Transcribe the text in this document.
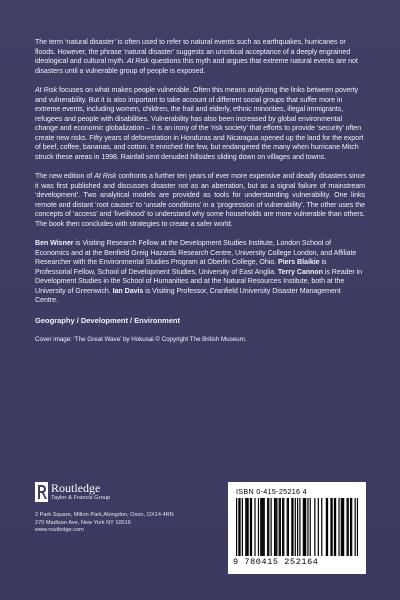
The term ‘natural disaster’ is often used to refer to natural events such as earthquakes, hurricanes or floods. However, the phrase ‘natural disaster’ suggests an uncritical acceptance of a deeply engrained ideological and cultural myth. At Risk questions this myth and argues that extreme natural events are not disasters until a vulnerable group of people is exposed.

At Risk focuses on what makes people vulnerable. Often this means analyzing the links between poverty and vulnerability. But it is also important to take account of different social groups that suffer more in extreme events, including women, children, the frail and elderly, ethnic minorities, illegal immigrants, refugees and people with disabilities. Vulnerability has also been increased by global environmental change and economic globalization – it is an irony of the ‘risk society’ that efforts to provide ‘security’ often create new risks. Fifty years of deforestation in Honduras and Nicaragua opened up the land for the export of beef, coffee, bananas, and cotton. It enriched the few, but endangered the many when hurricane Mitch struck these areas in 1998. Rainfall sent denuded hillsides sliding down on villages and towns.

The new edition of At Risk confronts a further ten years of ever more expensive and deadly disasters since it was first published and discusses disaster not as an aberration, but as a signal failure of mainstream ‘development’. Two analytical models are provided as tools for understanding vulnerability. One links remote and distant ‘root causes’ to ‘unsafe conditions’ in a ‘progression of vulnerability’. The other uses the concepts of ‘access’ and ‘livelihood’ to understand why some households are more vulnerable than others. The book then concludes with strategies to create a safer world.

Ben Wisner is Visiting Research Fellow at the Development Studies Institute, London School of Economics and at the Benfield Greig Hazards Research Centre, University College London, and Affiliate Researcher with the Environmental Studies Program at Oberlin College, Ohio. Piers Blaikie is Professorial Fellow, School of Development Studies, University of East Anglia. Terry Cannon is Reader in Development Studies in the School of Humanities and at the Natural Resources Institute, both at the University of Greenwich. Ian Davis is Visiting Professor, Cranfield University Disaster Management Centre.

Geography / Development / Environment

Cover image: ‘The Great Wave’ by Hokusai © Copyright The British Museum.

Routledge
Taylor & Francis Group
2 Park Square, Milton Park,Abingdon, Oxon, OX14 4RN
270 Madison Ave, New York NY 10016
www.routledge.com
ISBN 0-415-25216 4
9 780415 252164
